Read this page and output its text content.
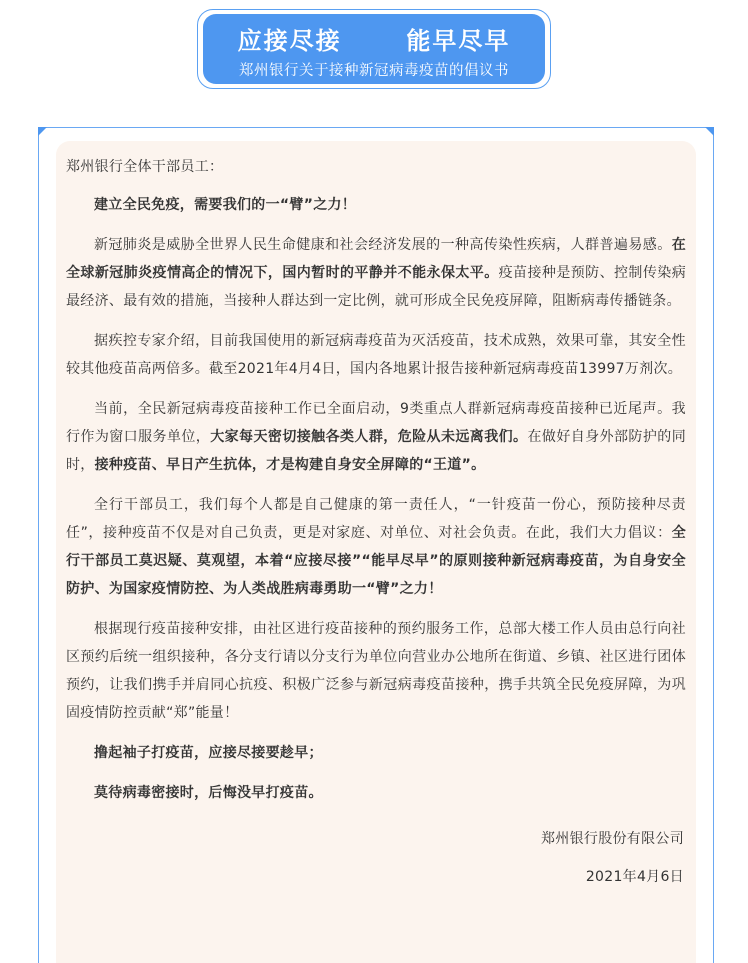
应接尽接  能早尽早
郑州银行关于接种新冠病毒疫苗的倡议书

郑州银行全体干部员工：

建立全民免疫，需要我们的一“臂”之力！

新冠肺炎是威胁全世界人民生命健康和社会经济发展的一种高传染性疾病，人群普遍易感。在全球新冠肺炎疫情高企的情况下，国内暂时的平静并不能永保太平。疫苗接种是预防、控制传染病最经济、最有效的措施，当接种人群达到一定比例，就可形成全民免疫屏障，阻断病毒传播链条。

据疾控专家介绍，目前我国使用的新冠病毒疫苗为灭活疫苗，技术成熟，效果可靠，其安全性较其他疫苗高两倍多。截至2021年4月4日，国内各地累计报告接种新冠病毒疫苗13997万剂次。

当前，全民新冠病毒疫苗接种工作已全面启动，9类重点人群新冠病毒疫苗接种已近尾声。我行作为窗口服务单位，大家每天密切接触各类人群，危险从未远离我们。在做好自身外部防护的同时，接种疫苗、早日产生抗体，才是构建自身安全屏障的“王道”。

全行干部员工，我们每个人都是自己健康的第一责任人，“一针疫苗一份心，预防接种尽责任”，接种疫苗不仅是对自己负责，更是对家庭、对单位、对社会负责。在此，我们大力倡议：全行干部员工莫迟疑、莫观望，本着“应接尽接”“能早尽早”的原则接种新冠病毒疫苗，为自身安全防护、为国家疫情防控、为人类战胜病毒勇助一“臂”之力！

根据现行疫苗接种安排，由社区进行疫苗接种的预约服务工作，总部大楼工作人员由总行向社区预约后统一组织接种，各分支行请以分支行为单位向营业办公地所在街道、乡镇、社区进行团体预约，让我们携手并肩同心抗疫、积极广泛参与新冠病毒疫苗接种，携手共筑全民免疫屏障，为巩固疫情防控贡献“郑”能量！

撸起袖子打疫苗，应接尽接要趁早；

莫待病毒密接时，后悔没早打疫苗。

郑州银行股份有限公司

2021年4月6日
